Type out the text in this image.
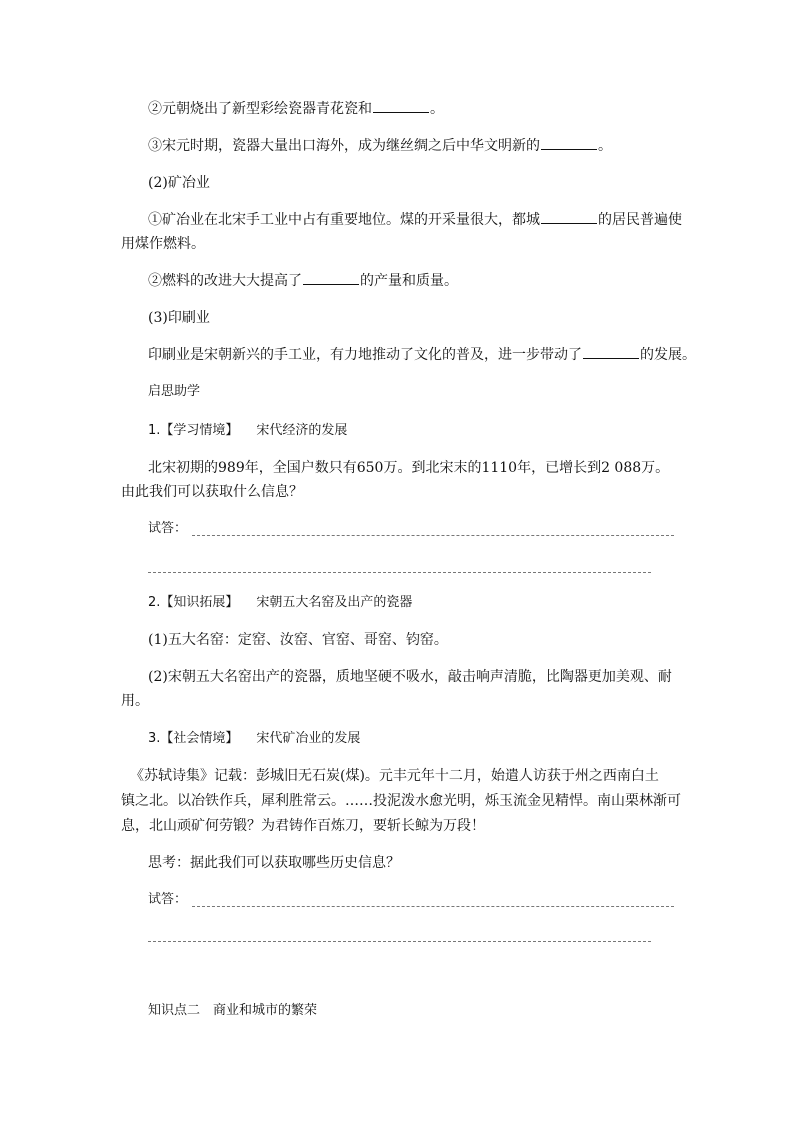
②元朝烧出了新型彩绘瓷器青花瓷和	。
③宋元时期，瓷器大量出口海外，成为继丝绸之后中华文明新的	。
(2)矿冶业
①矿冶业在北宋手工业中占有重要地位。煤的开采量很大，都城	的居民普遍使
用煤作燃料。
②燃料的改进大大提高了	的产量和质量。
(3)印刷业
印刷业是宋朝新兴的手工业，有力地推动了文化的普及，进一步带动了	的发展。
启思助学
1.【学习情境】 宋代经济的发展
北宋初期的989年，全国户数只有650万。到北宋末的1110年，已增长到2 088万。
由此我们可以获取什么信息？
试答：
2.【知识拓展】 宋朝五大名窑及出产的瓷器
(1)五大名窑：定窑、汝窑、官窑、哥窑、钧窑。
(2)宋朝五大名窑出产的瓷器，质地坚硬不吸水，敲击响声清脆，比陶器更加美观、耐
用。
3.【社会情境】 宋代矿冶业的发展
《苏轼诗集》记载：彭城旧无石炭(煤)。元丰元年十二月，始遣人访获于州之西南白土
镇之北。以冶铁作兵，犀利胜常云。……投泥泼水愈光明，烁玉流金见精悍。南山栗林渐可
息，北山顽矿何劳锻？为君铸作百炼刀，要斩长鲸为万段！
思考：据此我们可以获取哪些历史信息？
试答：
知识点二　商业和城市的繁荣
